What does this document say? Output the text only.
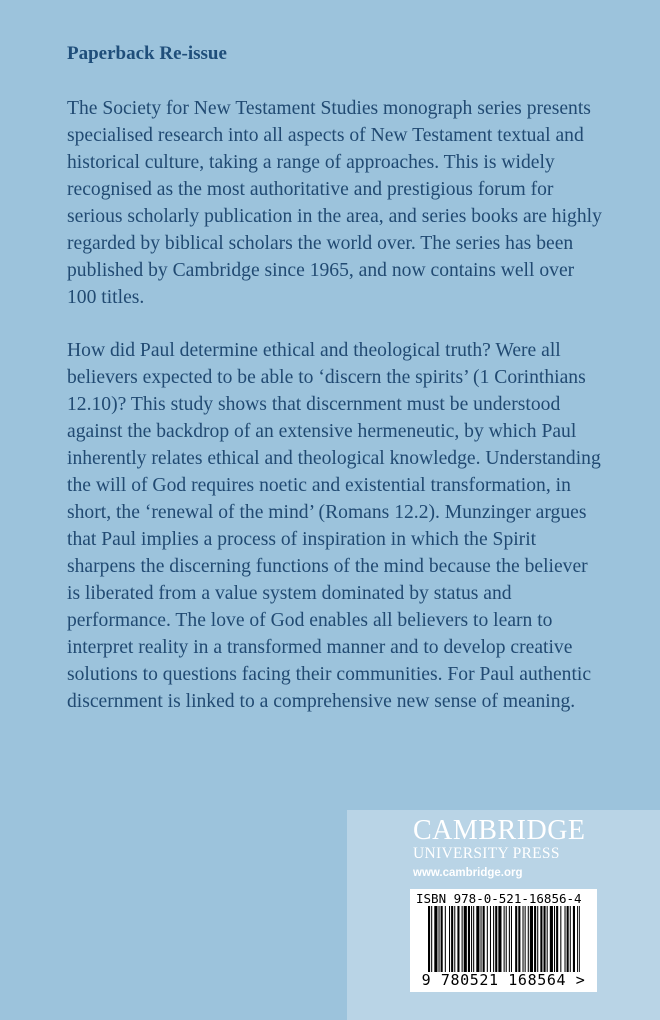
Paperback Re-issue

The Society for New Testament Studies monograph series presents specialised research into all aspects of New Testament textual and historical culture, taking a range of approaches. This is widely recognised as the most authoritative and prestigious forum for serious scholarly publication in the area, and series books are highly regarded by biblical scholars the world over. The series has been published by Cambridge since 1965, and now contains well over 100 titles.

How did Paul determine ethical and theological truth? Were all believers expected to be able to ‘discern the spirits’ (1 Corinthians 12.10)? This study shows that discernment must be understood against the backdrop of an extensive hermeneutic, by which Paul inherently relates ethical and theological knowledge. Understanding the will of God requires noetic and existential transformation, in short, the ‘renewal of the mind’ (Romans 12.2). Munzinger argues that Paul implies a process of inspiration in which the Spirit sharpens the discerning functions of the mind because the believer is liberated from a value system dominated by status and performance. The love of God enables all believers to learn to interpret reality in a transformed manner and to develop creative solutions to questions facing their communities. For Paul authentic discernment is linked to a comprehensive new sense of meaning.

CAMBRIDGE
UNIVERSITY PRESS
www.cambridge.org
ISBN 978-0-521-16856-4
9 780521 168564 >
